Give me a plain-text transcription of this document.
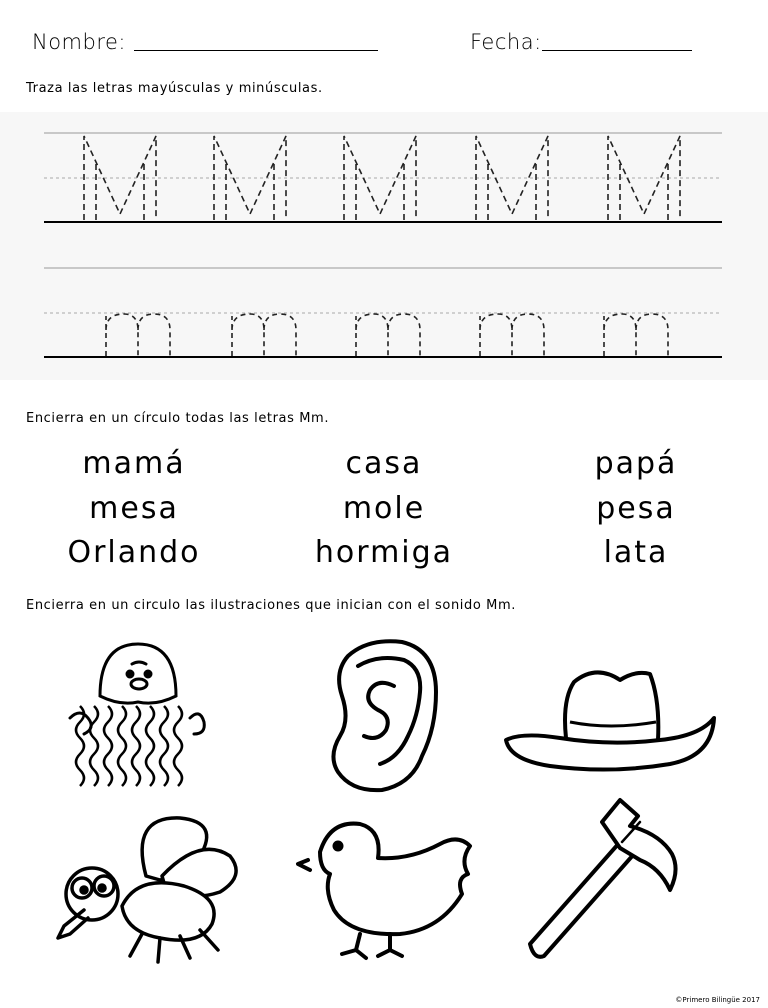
Nombre:	Fecha:
Traza las letras mayúsculas y minúsculas.
Encierra en un círculo todas las letras Mm.
mamá	casa	papá
mesa	mole	pesa
Orlando	hormiga	lata
Encierra en un circulo las ilustraciones que inician con el sonido Mm.
©Primero Bilingüe 2017
